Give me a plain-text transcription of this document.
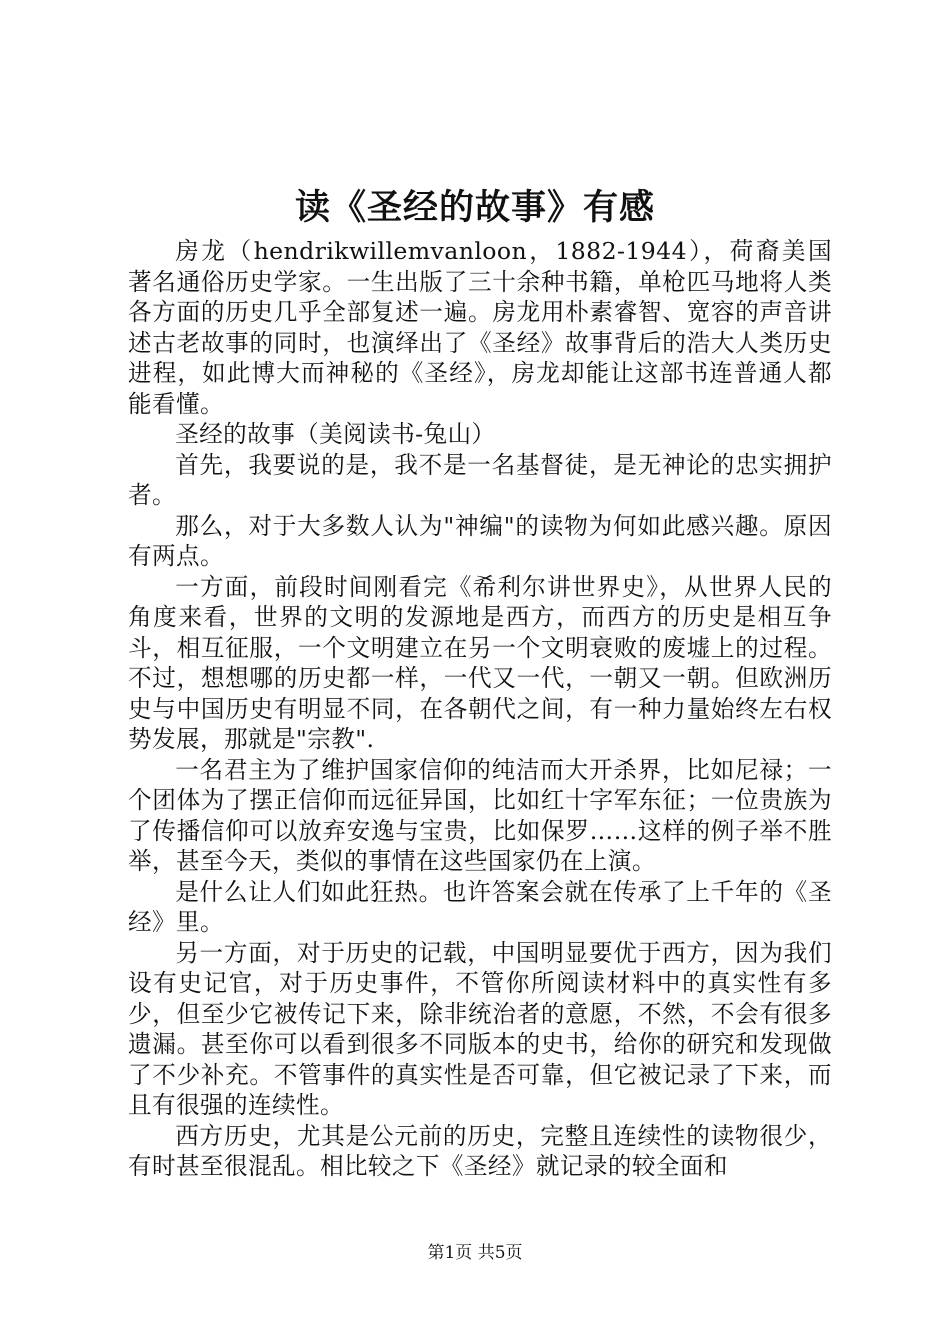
读《圣经的故事》有感

房龙（hendrikwillemvanloon，1882-1944），荷裔美国著名通俗历史学家。一生出版了三十余种书籍，单枪匹马地将人类各方面的历史几乎全部复述一遍。房龙用朴素睿智、宽容的声音讲述古老故事的同时，也演绎出了《圣经》故事背后的浩大人类历史进程，如此博大而神秘的《圣经》，房龙却能让这部书连普通人都能看懂。

圣经的故事（美阅读书-兔山）

首先，我要说的是，我不是一名基督徒，是无神论的忠实拥护者。

那么，对于大多数人认为"神编"的读物为何如此感兴趣。原因有两点。

一方面，前段时间刚看完《希利尔讲世界史》，从世界人民的角度来看，世界的文明的发源地是西方，而西方的历史是相互争斗，相互征服，一个文明建立在另一个文明衰败的废墟上的过程。不过，想想哪的历史都一样，一代又一代，一朝又一朝。但欧洲历史与中国历史有明显不同，在各朝代之间，有一种力量始终左右权势发展，那就是"宗教".

一名君主为了维护国家信仰的纯洁而大开杀界，比如尼禄；一个团体为了摆正信仰而远征异国，比如红十字军东征；一位贵族为了传播信仰可以放弃安逸与宝贵，比如保罗……这样的例子举不胜举，甚至今天，类似的事情在这些国家仍在上演。

是什么让人们如此狂热。也许答案会就在传承了上千年的《圣经》里。

另一方面，对于历史的记载，中国明显要优于西方，因为我们设有史记官，对于历史事件，不管你所阅读材料中的真实性有多少，但至少它被传记下来，除非统治者的意愿，不然，不会有很多遗漏。甚至你可以看到很多不同版本的史书，给你的研究和发现做了不少补充。不管事件的真实性是否可靠，但它被记录了下来，而且有很强的连续性。

西方历史，尤其是公元前的历史，完整且连续性的读物很少，有时甚至很混乱。相比较之下《圣经》就记录的较全面和

第1页 共5页
